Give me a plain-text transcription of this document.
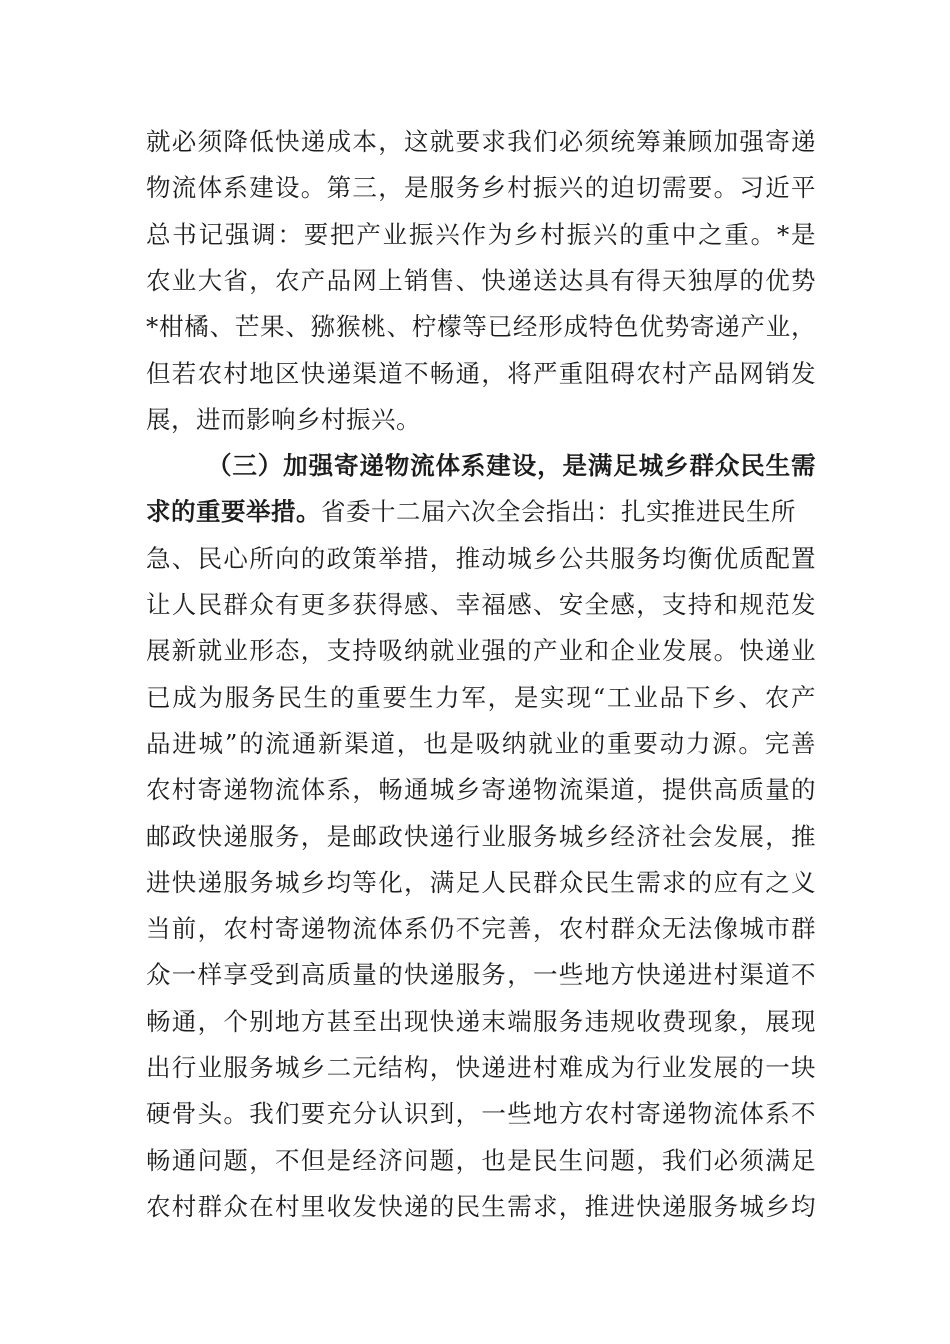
就必须降低快递成本，这就要求我们必须统筹兼顾加强寄递
物流体系建设。第三，是服务乡村振兴的迫切需要。习近平
总书记强调：要把产业振兴作为乡村振兴的重中之重。*是
农业大省，农产品网上销售、快递送达具有得天独厚的优势
*柑橘、芒果、猕猴桃、柠檬等已经形成特色优势寄递产业，
但若农村地区快递渠道不畅通，将严重阻碍农村产品网销发
展，进而影响乡村振兴。
（三）加强寄递物流体系建设，是满足城乡群众民生需
求的重要举措。省委十二届六次全会指出：扎实推进民生所
急、民心所向的政策举措，推动城乡公共服务均衡优质配置
让人民群众有更多获得感、幸福感、安全感，支持和规范发
展新就业形态，支持吸纳就业强的产业和企业发展。快递业
已成为服务民生的重要生力军，是实现“工业品下乡、农产
品进城”的流通新渠道，也是吸纳就业的重要动力源。完善
农村寄递物流体系，畅通城乡寄递物流渠道，提供高质量的
邮政快递服务，是邮政快递行业服务城乡经济社会发展，推
进快递服务城乡均等化，满足人民群众民生需求的应有之义
当前，农村寄递物流体系仍不完善，农村群众无法像城市群
众一样享受到高质量的快递服务，一些地方快递进村渠道不
畅通，个别地方甚至出现快递末端服务违规收费现象，展现
出行业服务城乡二元结构，快递进村难成为行业发展的一块
硬骨头。我们要充分认识到，一些地方农村寄递物流体系不
畅通问题，不但是经济问题，也是民生问题，我们必须满足
农村群众在村里收发快递的民生需求，推进快递服务城乡均
